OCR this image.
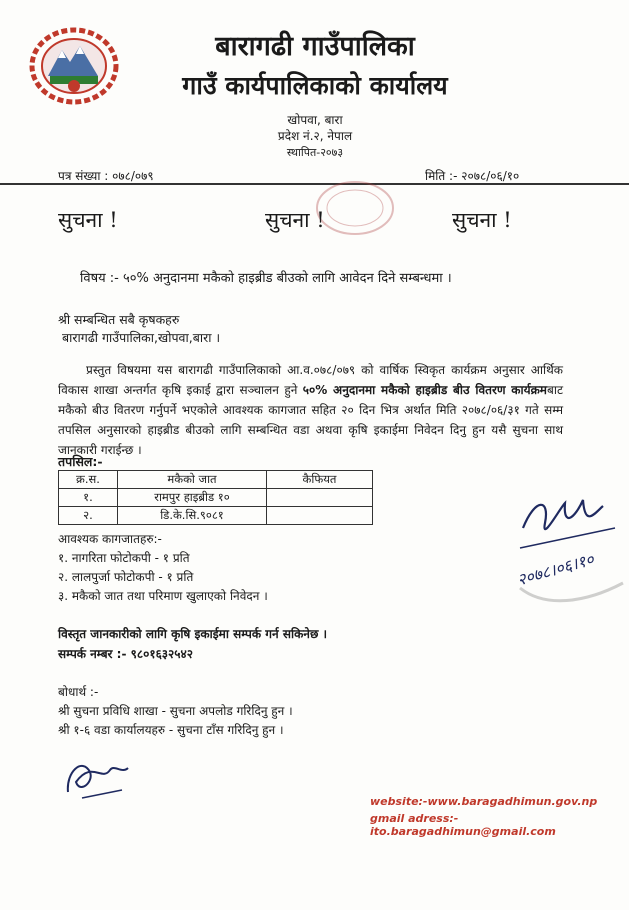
बारागढी गाउँपालिका
गाउँ कार्यपालिकाको कार्यालय
खोपवा, बारा
प्रदेश नं.२, नेपाल
स्थापित-२०७३
पत्र संख्या : ०७८/०७९	मिति :- २०७८/०६/१०
सुचना !	सुचना !	सुचना !
विषय :- ५०% अनुदानमा मकैको हाइब्रीड बीउको लागि आवेदन दिने सम्बन्धमा ।
श्री सम्बन्धित सबै कृषकहरु
बारागढी गाउँपालिका,खोपवा,बारा ।
प्रस्तुत विषयमा यस बारागढी गाउँपालिकाको आ.व.०७८/०७९ को वार्षिक स्विकृत कार्यक्रम अनुसार आर्थिक विकास शाखा अन्तर्गत कृषि इकाई द्वारा सञ्चालन हुने ५०% अनुदानमा मकैको हाइब्रीड बीउ वितरण कार्यक्रमबाट मकैको बीउ वितरण गर्नुपर्ने भएकोले आवश्यक कागजात सहित २० दिन भित्र अर्थात मिति २०७८/०६/३१ गते सम्म तपसिल अनुसारको हाइब्रीड बीउको लागि सम्बन्धित वडा अथवा कृषि इकाईमा निवेदन दिनु हुन यसै सुचना साथ जानकारी गराईन्छ ।
तपसिल:-
क्र.स.	मकैको जात	कैफियत
१.	रामपुर हाइब्रीड १०	
२.	डि.के.सि.९०८१	
आवश्यक कागजातहरु:-
१. नागरिता फोटोकपी - १ प्रति
२. लालपुर्जा फोटोकपी - १ प्रति
३. मकैको जात तथा परिमाण खुलाएको निवेदन ।
विस्तृत जानकारीको लागि कृषि इकाईमा सम्पर्क गर्न सकिनेछ ।
सम्पर्क नम्बर :- ९८०१६३२५४२
बोधार्थ :-
श्री सुचना प्रविधि शाखा - सुचना अपलोड गरिदिनु हुन ।
श्री १-६ वडा कार्यालयहरु - सुचना टाँस गरिदिनु हुन ।
२०७८।०६।१०
website:-www.baragadhimun.gov.np
gmail adress:-ito.baragadhimun@gmail.com
